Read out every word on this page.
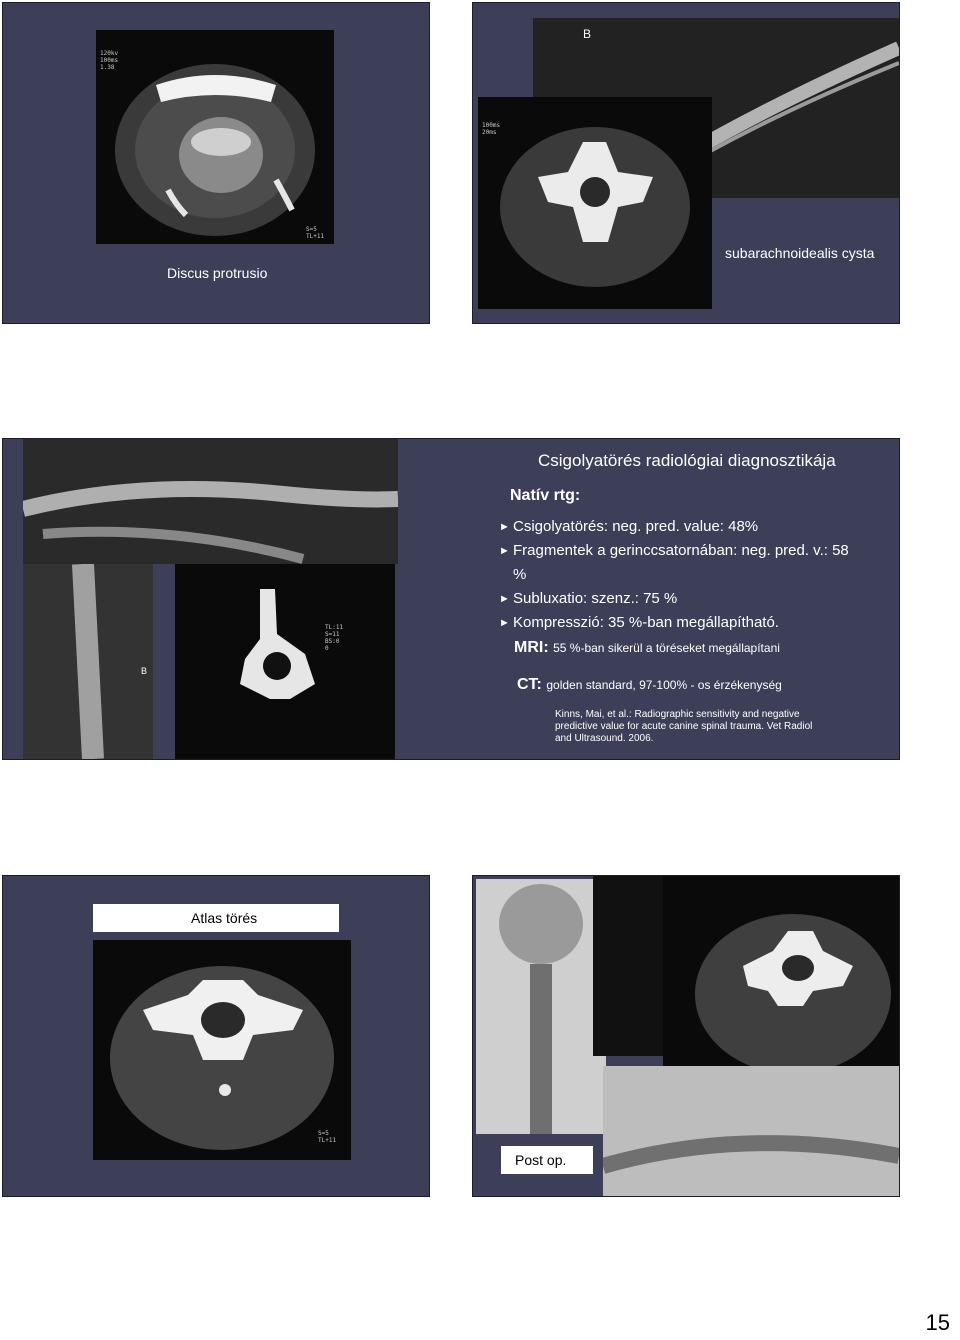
120kv
100ms
1.38
S=5
TL+11
Discus protrusio
B
100ms
20ms
subarachnoidealis cysta
B
TL:11
S=11
BS:0
0
Csigolyatörés radiológiai diagnosztikája
Natív rtg:
► Csigolyatörés: neg. pred. value: 48%
► Fragmentek a gerinccsatornában: neg. pred. v.: 58 %
► Subluxatio: szenz.: 75 %
► Kompresszió: 35 %-ban megállapítható.
MRI: 55 %-ban sikerül a töréseket megállapítani
CT: golden standard, 97-100% - os érzékenység
Kinns, Mai, et al.: Radiographic sensitivity and negative predictive value for acute canine spinal trauma. Vet Radiol and Ultrasound. 2006.
Atlas törés
S=5
TL+11
Post op.
15
